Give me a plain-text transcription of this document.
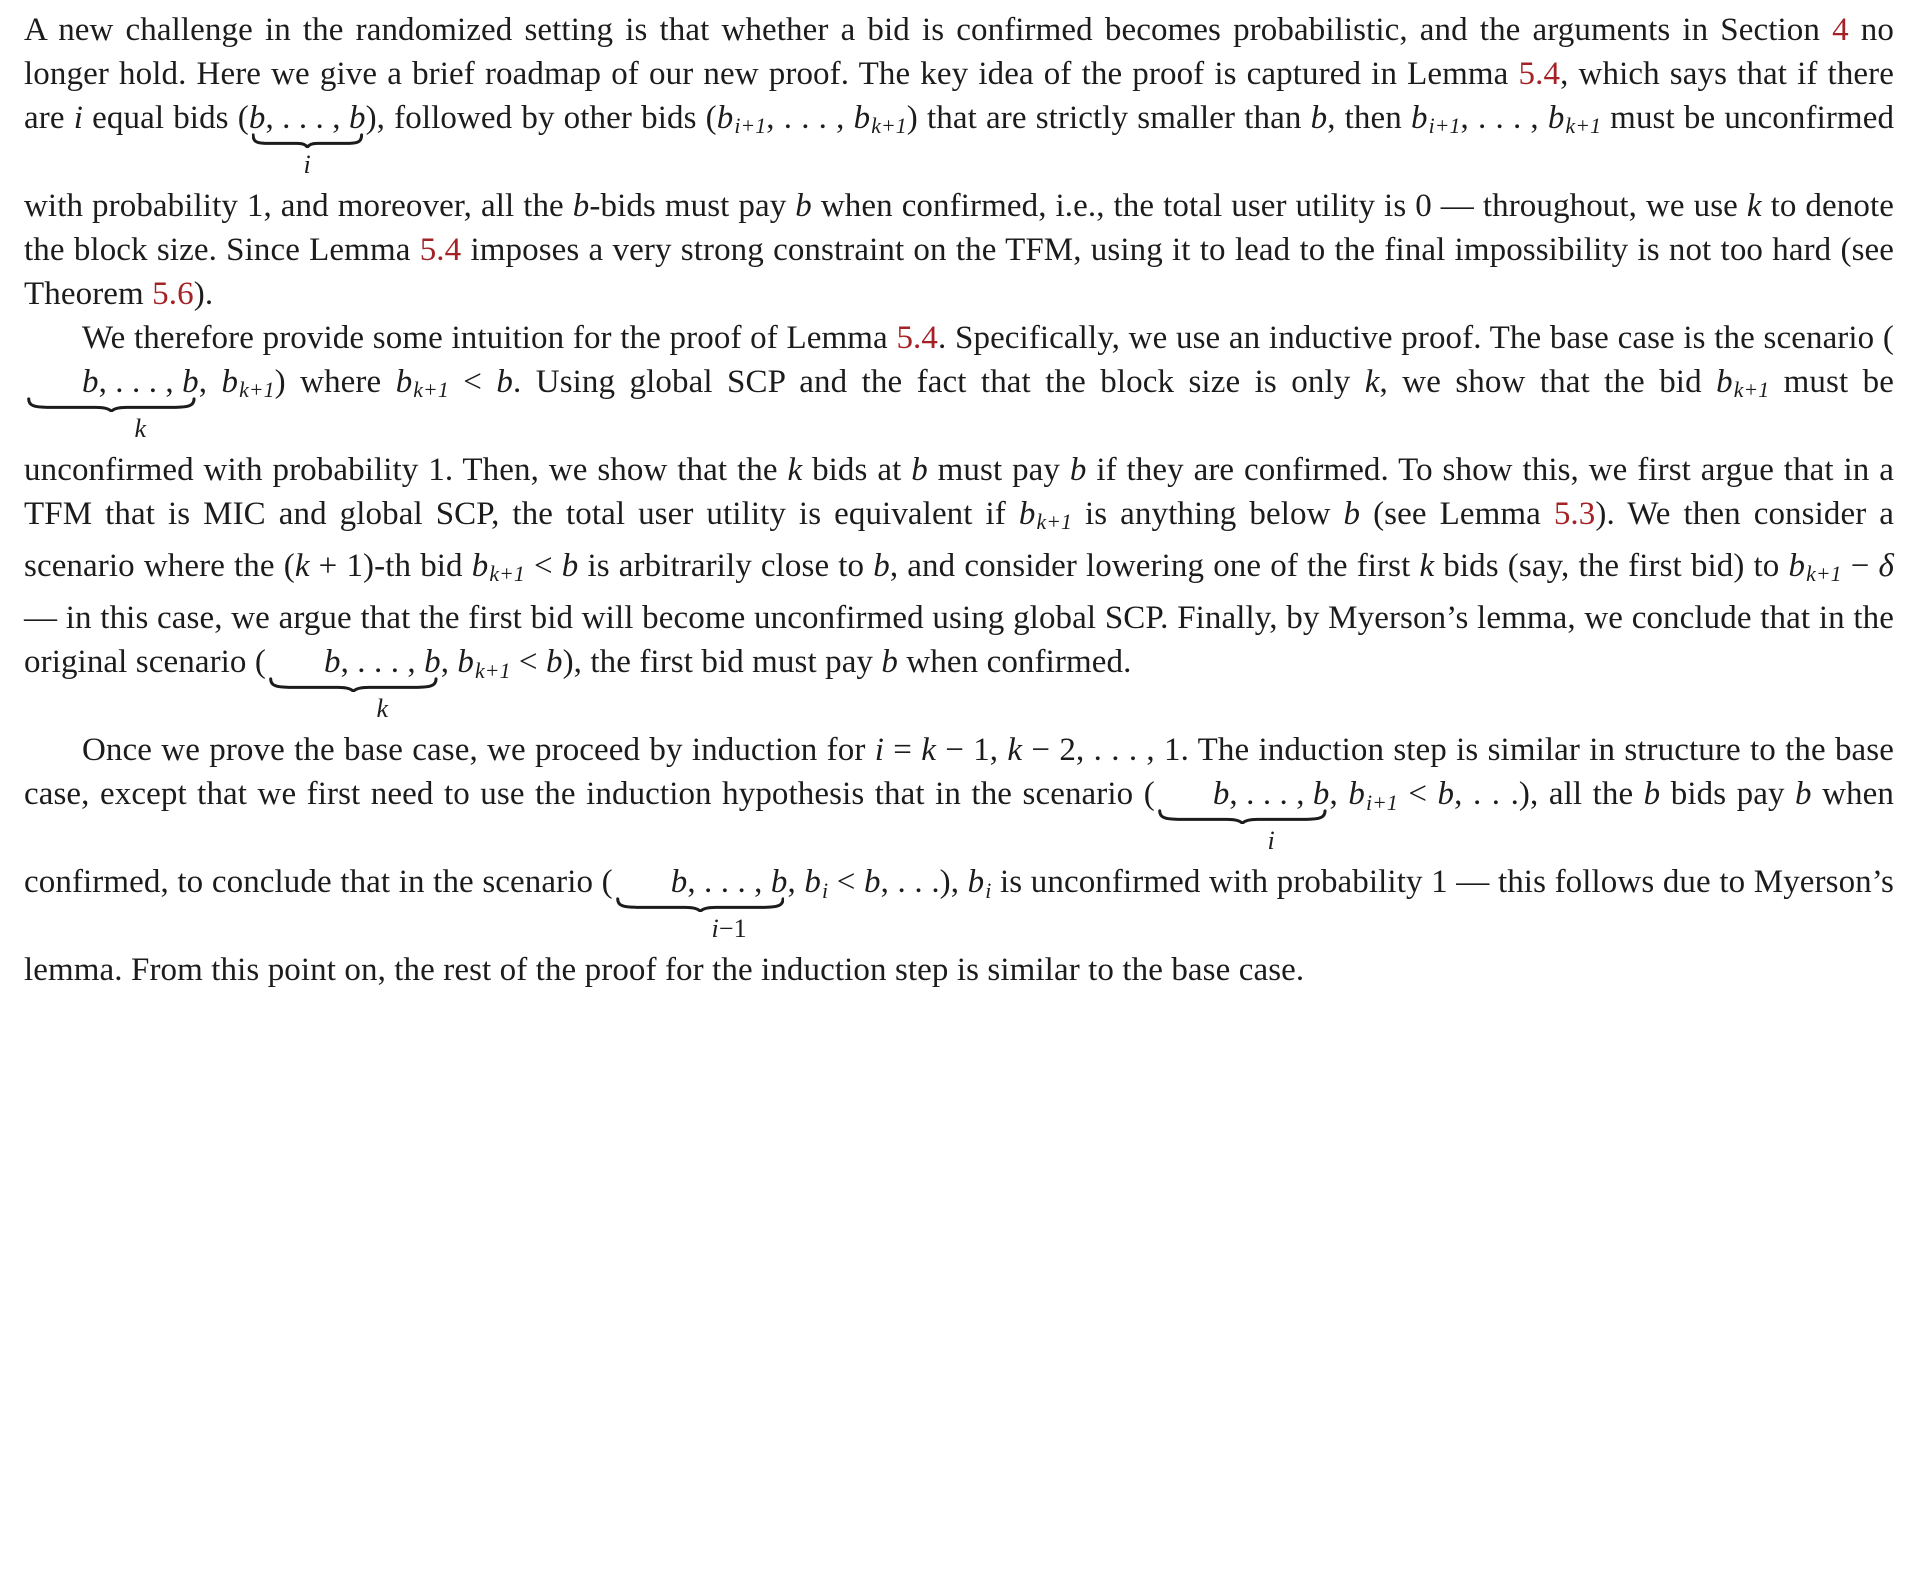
A new challenge in the randomized setting is that whether a bid is confirmed becomes probabilistic, and the arguments in Section 4 no longer hold. Here we give a brief roadmap of our new proof. The key idea of the proof is captured in Lemma 5.4, which says that if there are i equal bids (b, . . . , b
i
), followed by other bids ($b_{i+1}$, . . . , $b_{k+1}$) that are strictly smaller than b, then $b_{i+1}$, . . . , $b_{k+1}$ must be unconfirmed with probability 1, and moreover, all the b-bids must pay b when confirmed, i.e., the total user utility is 0 — throughout, we use k to denote the block size. Since Lemma 5.4 imposes a very strong constraint on the TFM, using it to lead to the final impossibility is not too hard (see Theorem 5.6).

We therefore provide some intuition for the proof of Lemma 5.4. Specifically, we use an inductive proof. The base case is the scenario (b, . . . , b
k
, $b_{k+1}$) where $b_{k+1} < b$. Using global SCP and the fact that the block size is only k, we show that the bid $b_{k+1}$ must be unconfirmed with probability 1. Then, we show that the k bids at b must pay b if they are confirmed. To show this, we first argue that in a TFM that is MIC and global SCP, the total user utility is equivalent if $b_{k+1}$ is anything below b (see Lemma 5.3). We then consider a scenario where the (k + 1)-th bid $b_{k+1} < b$ is arbitrarily close to b, and consider lowering one of the first k bids (say, the first bid) to $b_{k+1} - \delta$ — in this case, we argue that the first bid will become unconfirmed using global SCP. Finally, by Myerson’s lemma, we conclude that in the original scenario ( b, . . . , b
k
, $b_{k+1} < b$), the first bid must pay b when confirmed.

Once we prove the base case, we proceed by induction for i = k − 1, k − 2, . . . , 1. The induction step is similar in structure to the base case, except that we first need to use the induction hypothesis that in the scenario ( b, . . . , b
i
, $b_{i+1} < b$, . . .), all the b bids pay b when confirmed, to conclude that in the scenario ( b, . . . , b
i−1
, $b_i < b$, . . .), $b_i$ is unconfirmed with probability 1 — this follows due to Myerson’s lemma. From this point on, the rest of the proof for the induction step is similar to the base case.
